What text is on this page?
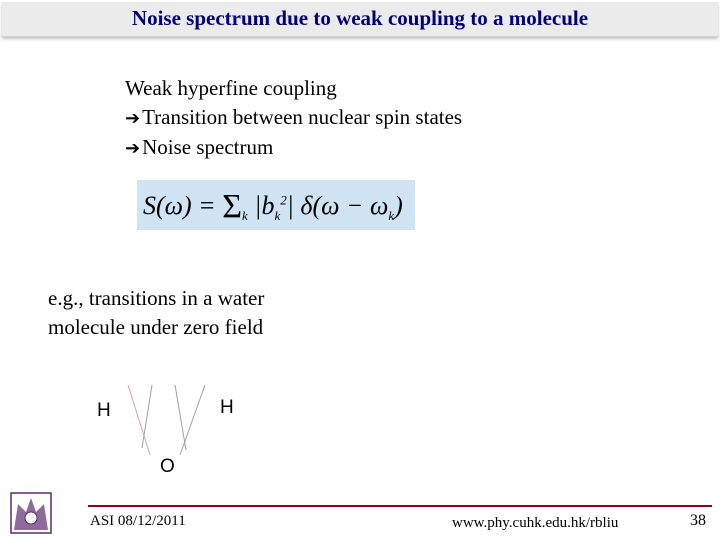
Noise spectrum due to weak coupling to a molecule
Weak hyperfine coupling
➔Transition between nuclear spin states
➔Noise spectrum
$S(\omega) = \Sigma_k$ $|b_k^2|$ $\delta(\omega - \omega_k)$
e.g., transitions in a water
molecule under zero field
H	H
O
ASI 08/12/2011	www.phy.cuhk.edu.hk/rbliu	38
